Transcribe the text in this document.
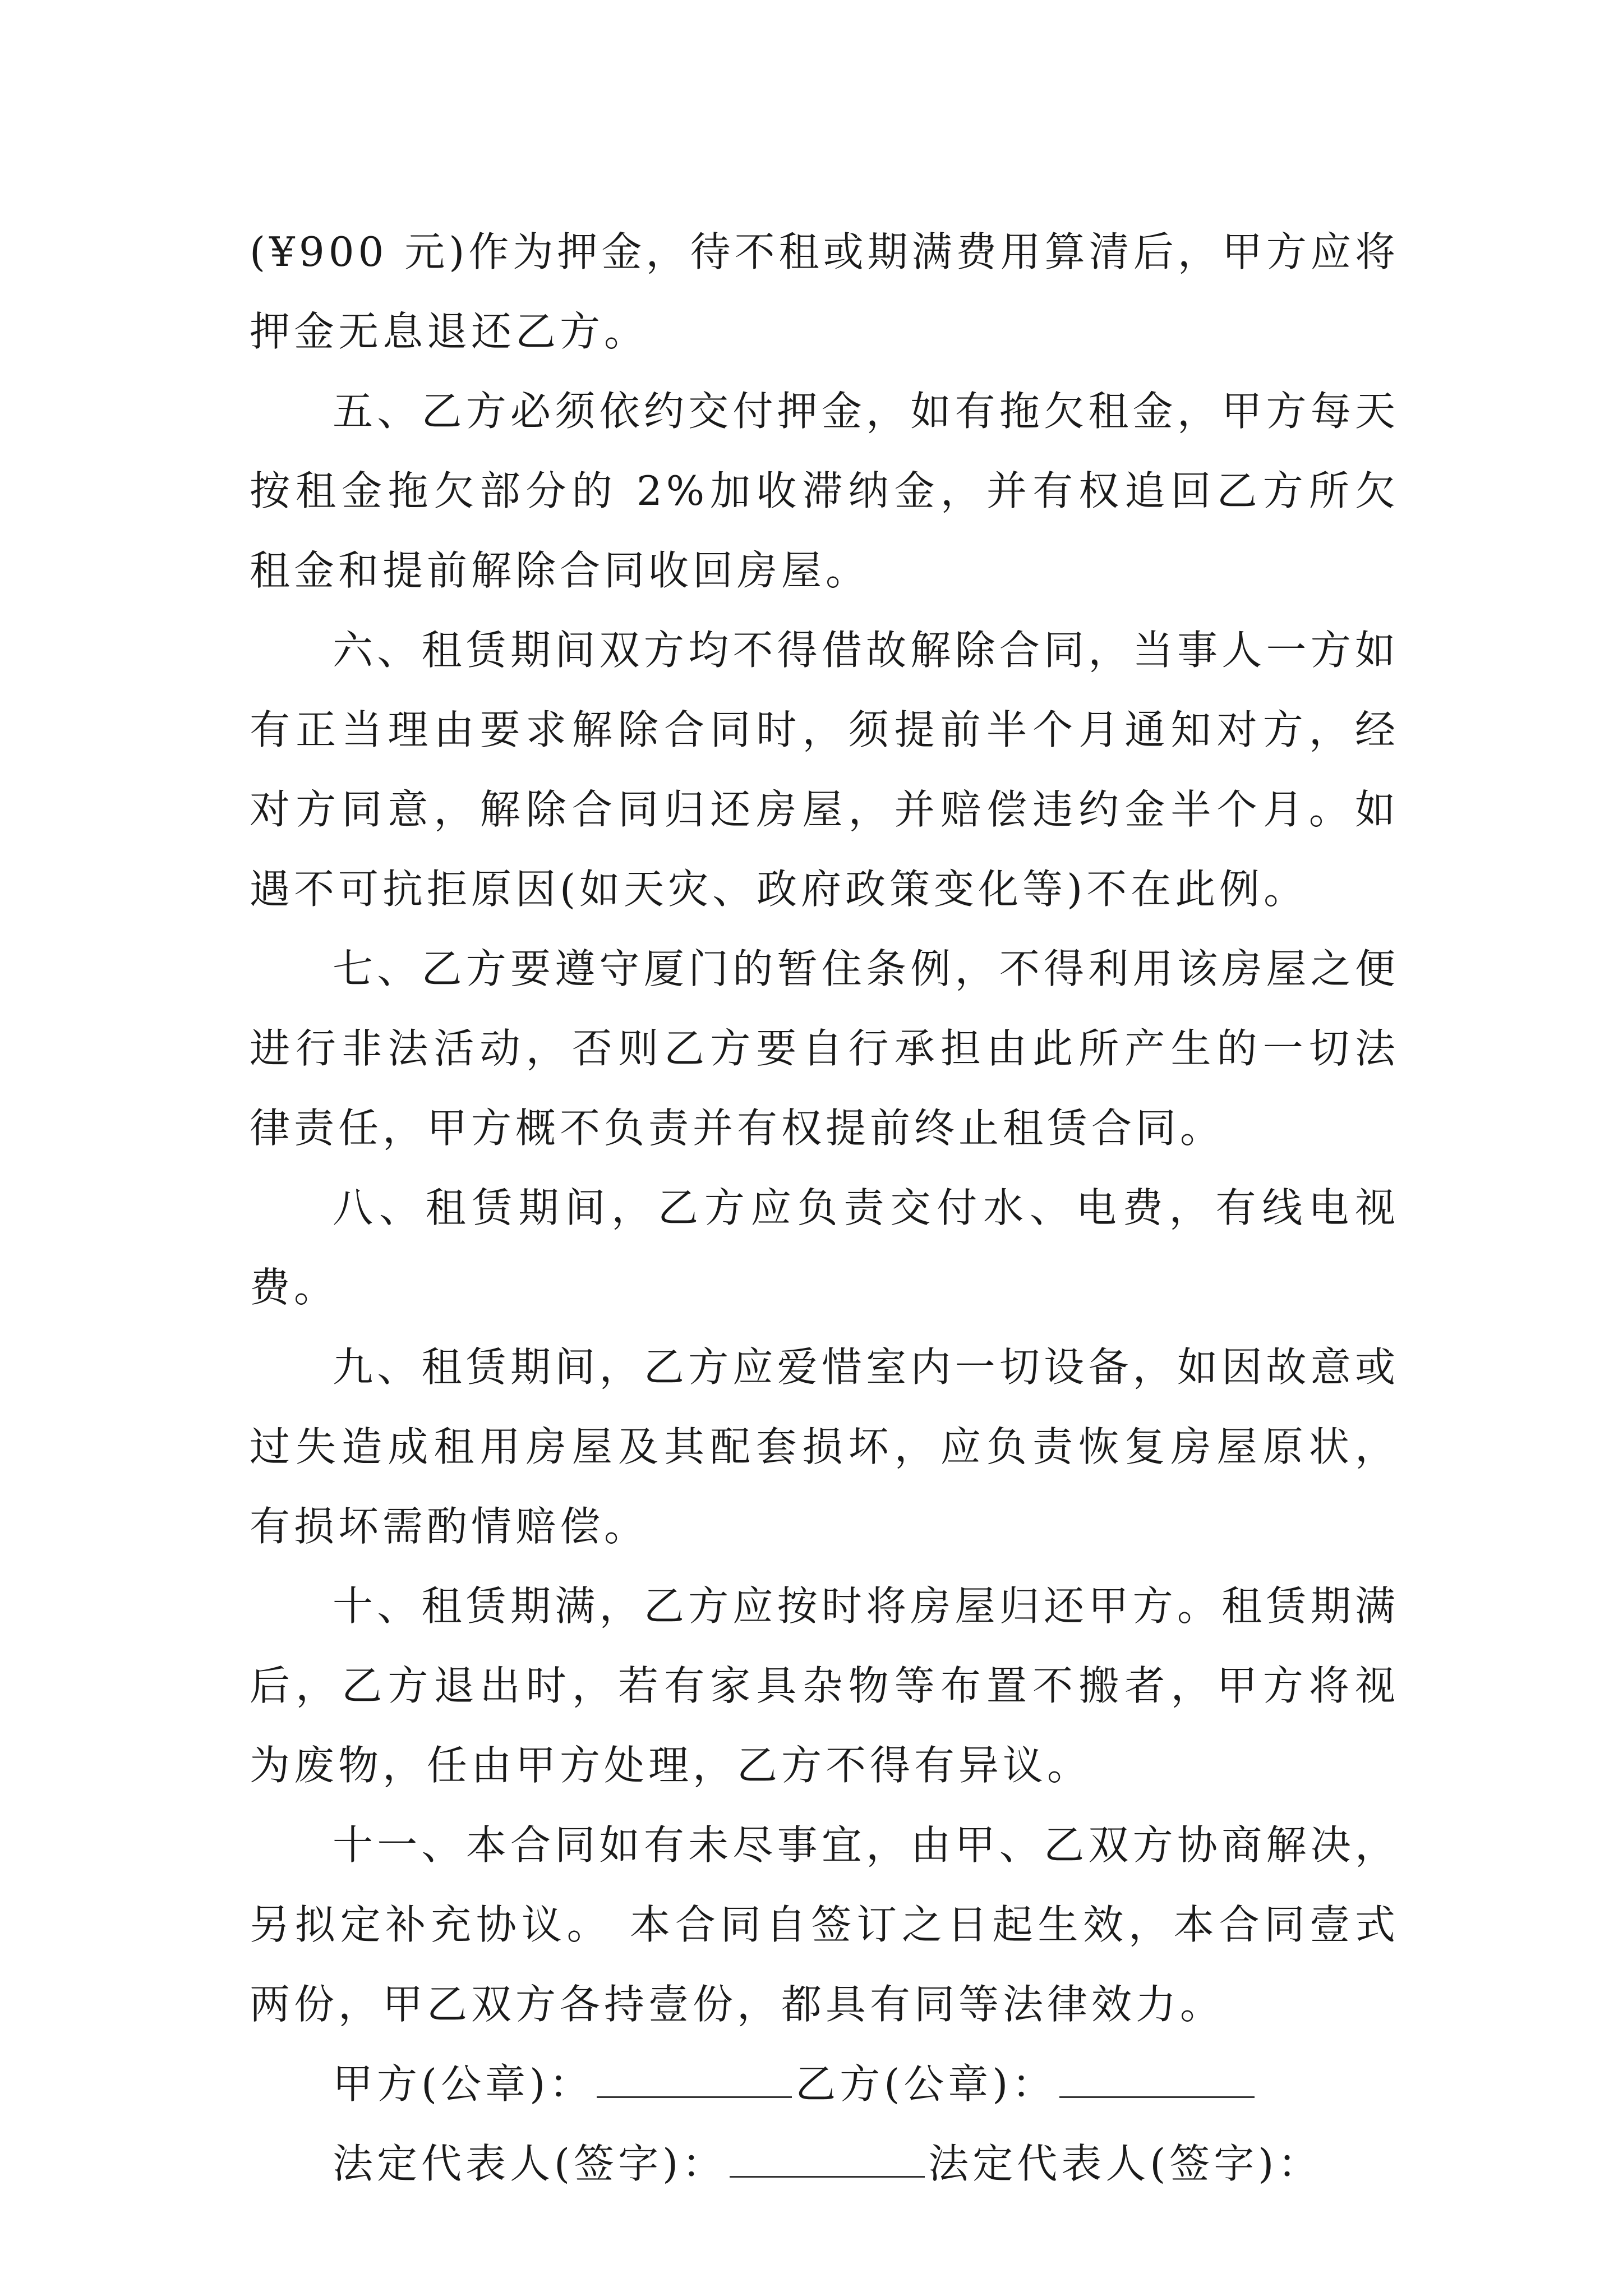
(¥900 元)作为押金，待不租或期满费用算清后，甲方应将押金无息退还乙方。

五、乙方必须依约交付押金，如有拖欠租金，甲方每天按租金拖欠部分的 2%加收滞纳金，并有权追回乙方所欠租金和提前解除合同收回房屋。

六、租赁期间双方均不得借故解除合同，当事人一方如有正当理由要求解除合同时，须提前半个月通知对方，经对方同意，解除合同归还房屋，并赔偿违约金半个月。如遇不可抗拒原因(如天灾、政府政策变化等)不在此例。

七、乙方要遵守厦门的暂住条例，不得利用该房屋之便进行非法活动，否则乙方要自行承担由此所产生的一切法律责任，甲方概不负责并有权提前终止租赁合同。

八、租赁期间，乙方应负责交付水、电费，有线电视费。

九、租赁期间，乙方应爱惜室内一切设备，如因故意或过失造成租用房屋及其配套损坏，应负责恢复房屋原状，有损坏需酌情赔偿。

十、租赁期满，乙方应按时将房屋归还甲方。租赁期满后，乙方退出时，若有家具杂物等布置不搬者，甲方将视为废物，任由甲方处理，乙方不得有异议。

十一、本合同如有未尽事宜，由甲、乙双方协商解决，另拟定补充协议。 本合同自签订之日起生效，本合同壹式两份，甲乙双方各持壹份，都具有同等法律效力。

甲方(公章)：	乙方(公章)：
法定代表人(签字)：	法定代表人(签字)：
